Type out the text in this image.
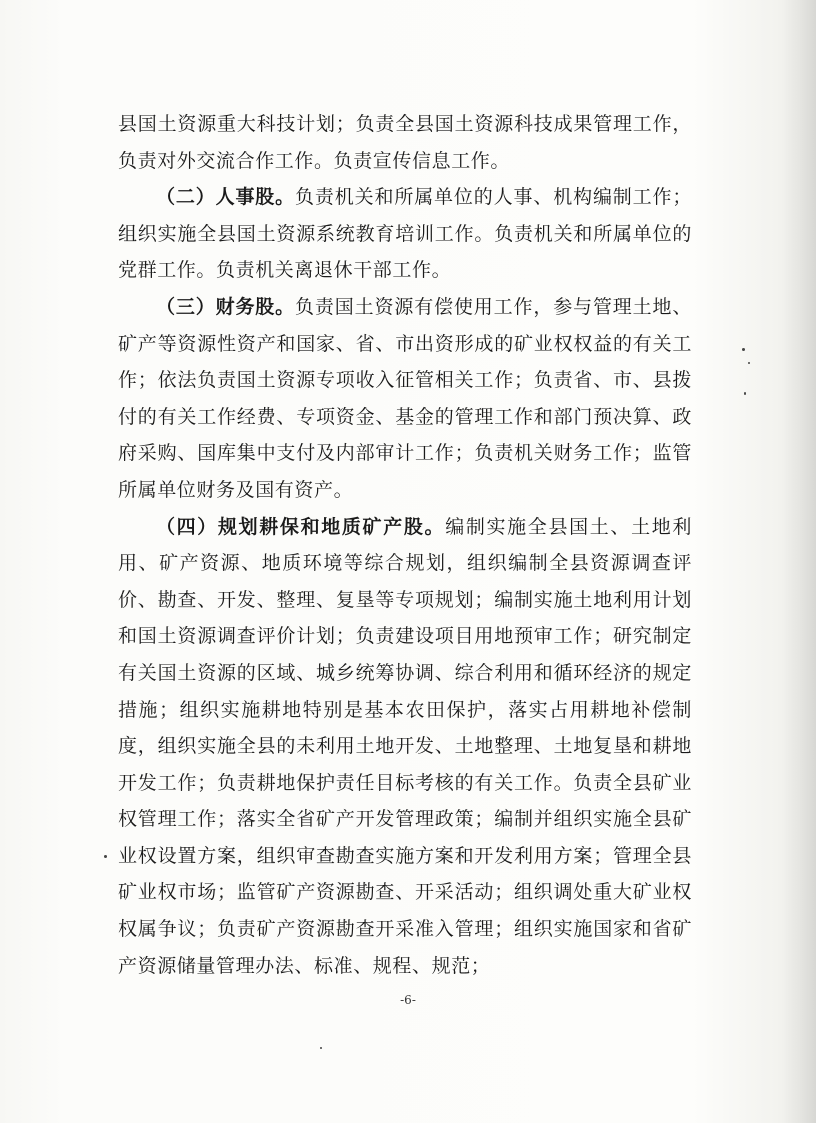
县国土资源重大科技计划；负责全县国土资源科技成果管理工作，负责对外交流合作工作。负责宣传信息工作。

（二）人事股。负责机关和所属单位的人事、机构编制工作；组织实施全县国土资源系统教育培训工作。负责机关和所属单位的党群工作。负责机关离退休干部工作。

（三）财务股。负责国土资源有偿使用工作，参与管理土地、矿产等资源性资产和国家、省、市出资形成的矿业权权益的有关工作；依法负责国土资源专项收入征管相关工作；负责省、市、县拨付的有关工作经费、专项资金、基金的管理工作和部门预决算、政府采购、国库集中支付及内部审计工作；负责机关财务工作；监管所属单位财务及国有资产。

（四）规划耕保和地质矿产股。编制实施全县国土、土地利用、矿产资源、地质环境等综合规划，组织编制全县资源调查评价、勘查、开发、整理、复垦等专项规划；编制实施土地利用计划和国土资源调查评价计划；负责建设项目用地预审工作；研究制定有关国土资源的区域、城乡统筹协调、综合利用和循环经济的规定措施；组织实施耕地特别是基本农田保护，落实占用耕地补偿制度，组织实施全县的未利用土地开发、土地整理、土地复垦和耕地开发工作；负责耕地保护责任目标考核的有关工作。负责全县矿业权管理工作；落实全省矿产开发管理政策；编制并组织实施全县矿业权设置方案，组织审查勘查实施方案和开发利用方案；管理全县矿业权市场；监管矿产资源勘查、开采活动；组织调处重大矿业权权属争议；负责矿产资源勘查开采准入管理；组织实施国家和省矿产资源储量管理办法、标准、规程、规范；

-6-
